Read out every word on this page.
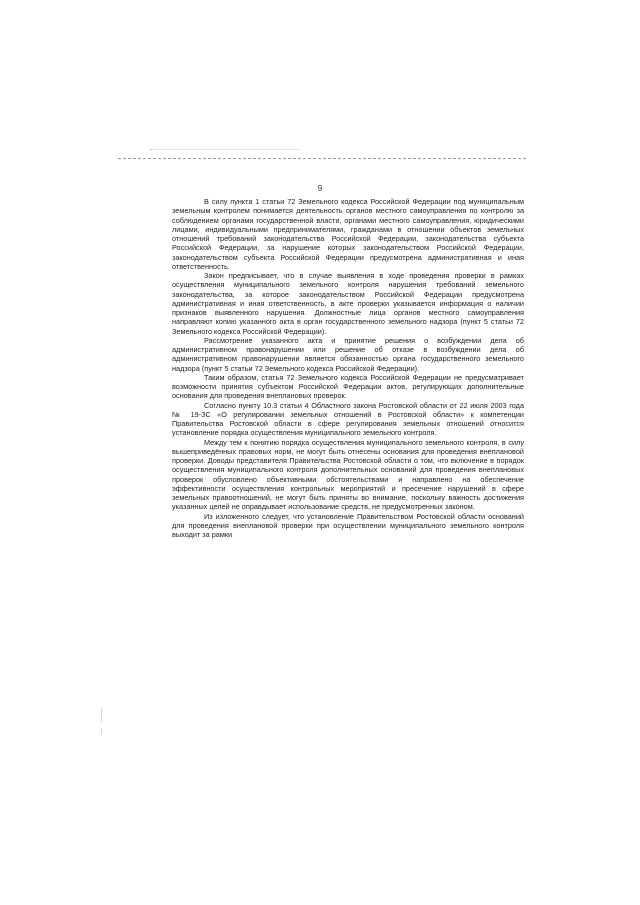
9

В силу пункта 1 статьи 72 Земельного кодекса Российской Федерации под муниципальным земельным контролем понимается деятельность органов местного самоуправления по контролю за соблюдением органами государственной власти, органами местного самоуправления, юридическими лицами, индивидуальными предпринимателями, гражданами в отношении объектов земельных отношений требований законодательства Российской Федерации, законодательства субъекта Российской Федерации, за нарушение которых законодательством Российской Федерации, законодательством субъекта Российской Федерации предусмотрена административная и иная ответственность.

Закон предписывает, что в случае выявления в ходе проведения проверки в рамках осуществления муниципального земельного контроля нарушения требований земельного законодательства, за которое законодательством Российской Федерации предусмотрена административная и иная ответственность, в акте проверки указывается информация о наличии признаков выявленного нарушения. Должностные лица органов местного самоуправления направляют копию указанного акта в орган государственного земельного надзора (пункт 5 статьи 72 Земельного кодекса Российской Федерации).

Рассмотрение указанного акта и принятие решения о возбуждении дела об административном правонарушении или решение об отказе в возбуждении дела об административном правонарушении является обязанностью органа государственного земельного надзора (пункт 5 статьи 72 Земельного кодекса Российской Федерации).

Таким образом, статья 72 Земельного кодекса Российской Федерации не предусматривает возможности принятия субъектом Российской Федерации актов, регулирующих дополнительные основания для проведения внеплановых проверок.

Согласно пункту 10.3 статьи 4 Областного закона Ростовской области от 22 июля 2003 года № 19-ЗС «О регулировании земельных отношений в Ростовской области» к компетенции Правительства Ростовской области в сфере регулирования земельных отношений относится установление порядка осуществления муниципального земельного контроля.

Между тем к понятию порядка осуществления муниципального земельного контроля, в силу вышеприведённых правовых норм, не могут быть отнесены основания для проведения внеплановой проверки. Доводы представителя Правительства Ростовской области о том, что включение в порядок осуществления муниципального контроля дополнительных оснований для проведения внеплановых проверок обусловлено объективными обстоятельствами и направлено на обеспечение эффективности осуществления контрольных мероприятий и пресечение нарушений в сфере земельных правоотношений, не могут быть приняты во внимание, поскольку важность достижения указанных целей не оправдывает использование средств, не предусмотренных законом.

Из изложенного следует, что установление Правительством Ростовской области оснований для проведения внеплановой проверки при осуществлении муниципального земельного контроля выходит за рамки
